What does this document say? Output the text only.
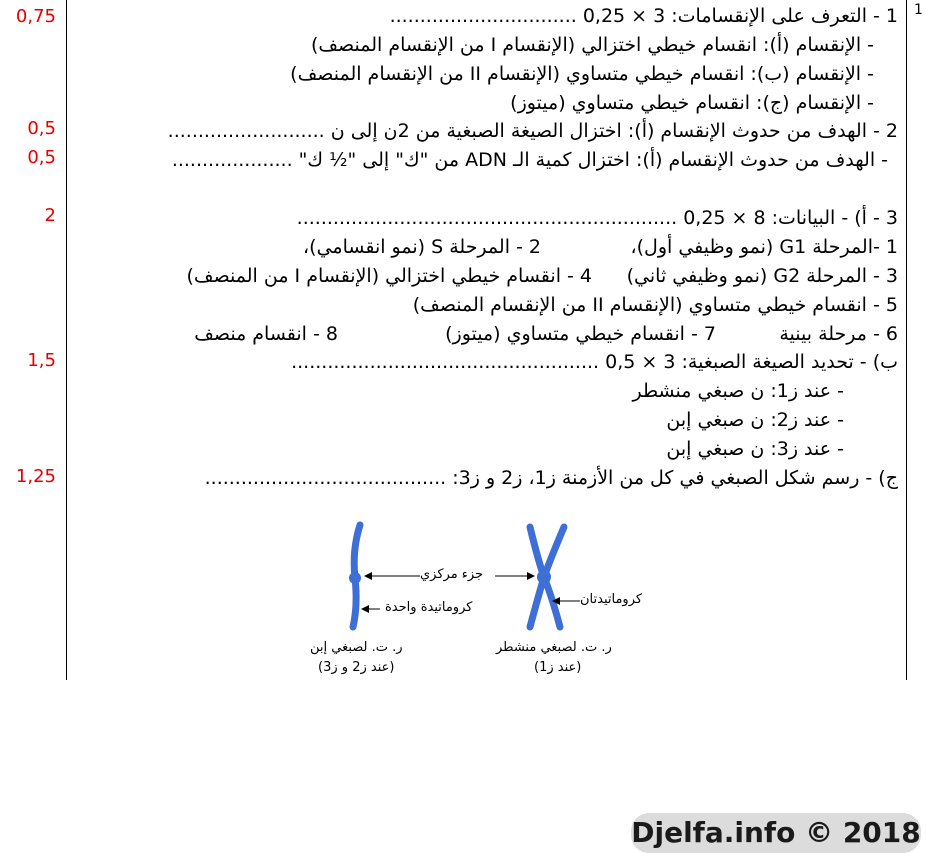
1
0,75
0,5
0,5
2
1,5
1,25
1 - التعرف على الإنقسامات: 3 × 0,25 ...............................
- الإنقسام (أ): انقسام خيطي اختزالي (الإنقسام I من الإنقسام المنصف)
- الإنقسام (ب): انقسام خيطي متساوي (الإنقسام II من الإنقسام المنصف)
- الإنقسام (ج): انقسام خيطي متساوي (ميتوز)
2 - الهدف من حدوث الإنقسام (أ): اختزال الصيغة الصبغية من 2ن إلى ن ..........................
- الهدف من حدوث الإنقسام (أ): اختزال كمية الـ ADN من "ك" إلى "½ ك" ....................
3 - أ) - البيانات: 8 × 0,25 ...............................................................
1 -المرحلة G1 (نمو وظيفي أول)،
2 - المرحلة S (نمو انقسامي)،
3 - المرحلة G2 (نمو وظيفي ثاني)
4 - انقسام خيطي اختزالي (الإنقسام I من المنصف)
5 - انقسام خيطي متساوي (الإنقسام II من الإنقسام المنصف)
6 - مرحلة بينية
7 - انقسام خيطي متساوي (ميتوز)
8 - انقسام منصف
ب) - تحديد الصيغة الصبغية: 3 × 0,5 ...................................................
- عند ز1: ن صبغي منشطر
- عند ز2: ن صبغي إبن
- عند ز3: ن صبغي إبن
ج) - رسم شكل الصبغي في كل من الأزمنة ز1، ز2 و ز3: ........................................
جزء مركزي
كروماتيدتان
كروماتيدة واحدة
ر. ت. لصبغي إبن
(عند ز2 و ز3)
ر. ت. لصبغي منشطر
(عند ز1)
Djelfa.info © 2018
